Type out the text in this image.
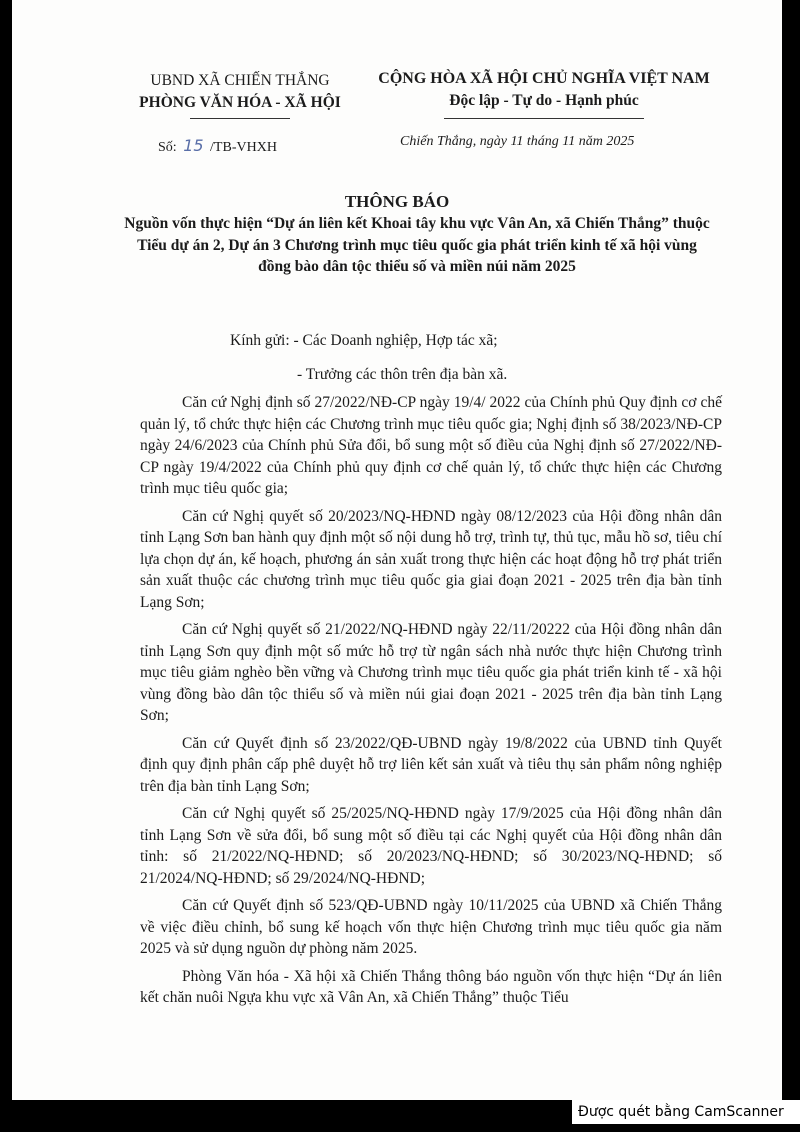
UBND XÃ CHIẾN THẮNG
PHÒNG VĂN HÓA - XÃ HỘI
CỘNG HÒA XÃ HỘI CHỦ NGHĨA VIỆT NAM
Độc lập - Tự do - Hạnh phúc
Số: 15 /TB-VHXH	Chiến Thắng, ngày 11 tháng 11 năm 2025
THÔNG BÁO
Nguồn vốn thực hiện “Dự án liên kết Khoai tây khu vực Vân An, xã Chiến Thắng” thuộc Tiểu dự án 2, Dự án 3 Chương trình mục tiêu quốc gia phát triển kinh tế xã hội vùng đồng bào dân tộc thiểu số và miền núi năm 2025
Kính gửi: - Các Doanh nghiệp, Hợp tác xã;
- Trưởng các thôn trên địa bàn xã.

Căn cứ Nghị định số 27/2022/NĐ-CP ngày 19/4/ 2022 của Chính phủ Quy định cơ chế quản lý, tổ chức thực hiện các Chương trình mục tiêu quốc gia; Nghị định số 38/2023/NĐ-CP ngày 24/6/2023 của Chính phủ Sửa đổi, bổ sung một số điều của Nghị định số 27/2022/NĐ-CP ngày 19/4/2022 của Chính phủ quy định cơ chế quản lý, tổ chức thực hiện các Chương trình mục tiêu quốc gia;

Căn cứ Nghị quyết số 20/2023/NQ-HĐND ngày 08/12/2023 của Hội đồng nhân dân tỉnh Lạng Sơn ban hành quy định một số nội dung hỗ trợ, trình tự, thủ tục, mẫu hồ sơ, tiêu chí lựa chọn dự án, kế hoạch, phương án sản xuất trong thực hiện các hoạt động hỗ trợ phát triển sản xuất thuộc các chương trình mục tiêu quốc gia giai đoạn 2021 - 2025 trên địa bàn tỉnh Lạng Sơn;

Căn cứ Nghị quyết số 21/2022/NQ-HĐND ngày 22/11/20222 của Hội đồng nhân dân tỉnh Lạng Sơn quy định một số mức hỗ trợ từ ngân sách nhà nước thực hiện Chương trình mục tiêu giảm nghèo bền vững và Chương trình mục tiêu quốc gia phát triển kinh tế - xã hội vùng đồng bào dân tộc thiểu số và miền núi giai đoạn 2021 - 2025 trên địa bàn tỉnh Lạng Sơn;

Căn cứ Quyết định số 23/2022/QĐ-UBND ngày 19/8/2022 của UBND tỉnh Quyết định quy định phân cấp phê duyệt hỗ trợ liên kết sản xuất và tiêu thụ sản phẩm nông nghiệp trên địa bàn tỉnh Lạng Sơn;

Căn cứ Nghị quyết số 25/2025/NQ-HĐND ngày 17/9/2025 của Hội đồng nhân dân tỉnh Lạng Sơn về sửa đổi, bổ sung một số điều tại các Nghị quyết của Hội đồng nhân dân tỉnh: số 21/2022/NQ-HĐND; số 20/2023/NQ-HĐND; số 30/2023/NQ-HĐND; số 21/2024/NQ-HĐND; số 29/2024/NQ-HĐND;

Căn cứ Quyết định số 523/QĐ-UBND ngày 10/11/2025 của UBND xã Chiến Thắng về việc điều chỉnh, bổ sung kế hoạch vốn thực hiện Chương trình mục tiêu quốc gia năm 2025 và sử dụng nguồn dự phòng năm 2025.

Phòng Văn hóa - Xã hội xã Chiến Thắng thông báo nguồn vốn thực hiện “Dự án liên kết chăn nuôi Ngựa khu vực xã Vân An, xã Chiến Thắng” thuộc Tiểu

Được quét bằng CamScanner
